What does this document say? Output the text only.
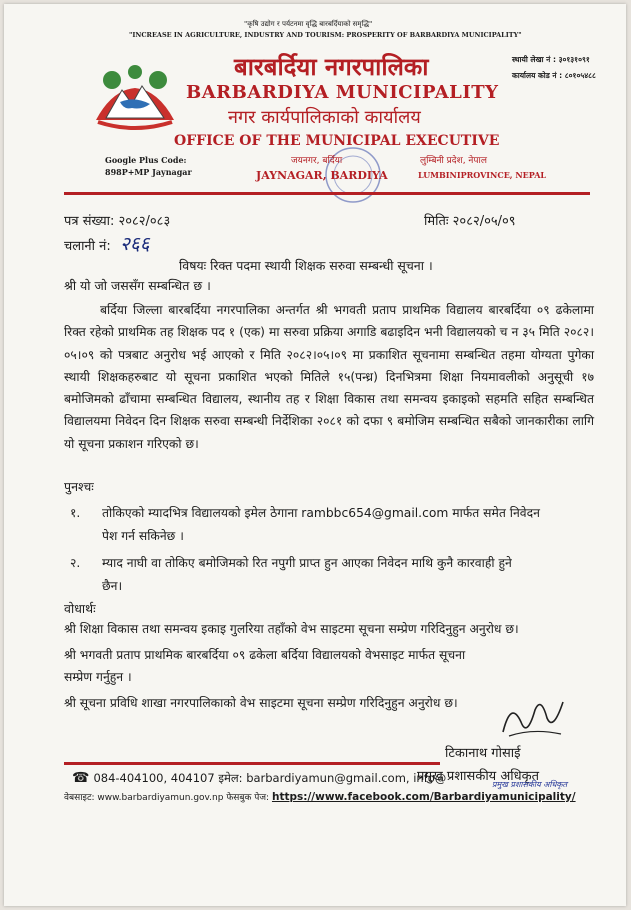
"कृषि उद्योग र पर्यटनमा वृद्धि बारबर्दियाको समृद्धि"
"INCREASE IN AGRICULTURE, INDUSTRY AND TOURISM: PROSPERITY OF BARBARDIYA MUNICIPALITY"
बारबर्दिया नगरपालिका
BARBARDIYA MUNICIPALITY
नगर कार्यपालिकाको कार्यालय
OFFICE OF THE MUNICIPAL EXECUTIVE
स्थायी लेखा नं : ३०१३१०९१
कार्यालय कोड नं : ८०१०५४८८
Google Plus Code:
898P+MP Jaynagar
जयनगर, बर्दिया
JAYNAGAR, BARDIYA
लुम्बिनी प्रदेश, नेपाल
LUMBINIPROVINCE, NEPAL
पत्र संख्या: २०८२/०८३	मितिः २०८२/०५/०९
चलानी नं: २६६
विषयः रिक्त पदमा स्थायी शिक्षक सरुवा सम्बन्धी सूचना ।
श्री यो जो जससँग सम्बन्धित छ ।
बर्दिया जिल्ला बारबर्दिया नगरपालिका अन्तर्गत श्री भगवती प्रताप प्राथमिक विद्यालय बारबर्दिया ०९ ढकेलामा रिक्त रहेको प्राथमिक तह शिक्षक पद १ (एक) मा सरुवा प्रक्रिया अगाडि बढाइदिन भनी विद्यालयको च न ३५ मिति २०८२।०५।०९ को पत्रबाट अनुरोध भई आएको र मिति २०८२।०५।०९ मा प्रकाशित सूचनामा सम्बन्धित तहमा योग्यता पुगेका स्थायी शिक्षकहरुबाट यो सूचना प्रकाशित भएको मितिले १५(पन्ध्र) दिनभित्रमा शिक्षा नियमावलीको अनुसूची १७ बमोजिमको ढाँचामा सम्बन्धित विद्यालय, स्थानीय तह र शिक्षा विकास तथा समन्वय इकाइको सहमति सहित सम्बन्धित विद्यालयमा निवेदन दिन शिक्षक सरुवा सम्बन्धी निर्देशिका २०८१ को दफा ९ बमोजिम सम्बन्धित सबैको जानकारीका लागि यो सूचना प्रकाशन गरिएको छ।
पुनश्चः
१. तोकिएको म्यादभित्र विद्यालयको इमेल ठेगाना rambbc654@gmail.com मार्फत समेत निवेदन
पेश गर्न सकिनेछ ।
२. म्याद नाघी वा तोकिए बमोजिमको रित नपुगी प्राप्त हुन आएका निवेदन माथि कुनै कारवाही हुने
छैन।
वोधार्थः
श्री शिक्षा विकास तथा समन्वय इकाइ गुलरिया तहाँको वेभ साइटमा सूचना सम्प्रेण गरिदिनुहुन अनुरोध छ।
श्री भगवती प्रताप प्राथमिक बारबर्दिया ०९ ढकेला बर्दिया विद्यालयको वेभसाइट मार्फत सूचना
सम्प्रेण गर्नुहुन ।
श्री सूचना प्रविधि शाखा नगरपालिकाको वेभ साइटमा सूचना सम्प्रेण गरिदिनुहुन अनुरोध छ।
टिकानाथ गोसाई
प्रमुख प्रशासकीय अधिकृत
प्रमुख प्रशासकीय अधिकृत
☎ 084-404100, 404107 इमेल: barbardiyamun@gmail.com, info@
वेबसाइट: www.barbardiyamun.gov.np फेसबुक पेज: https://www.facebook.com/Barbardiyamunicipality/
